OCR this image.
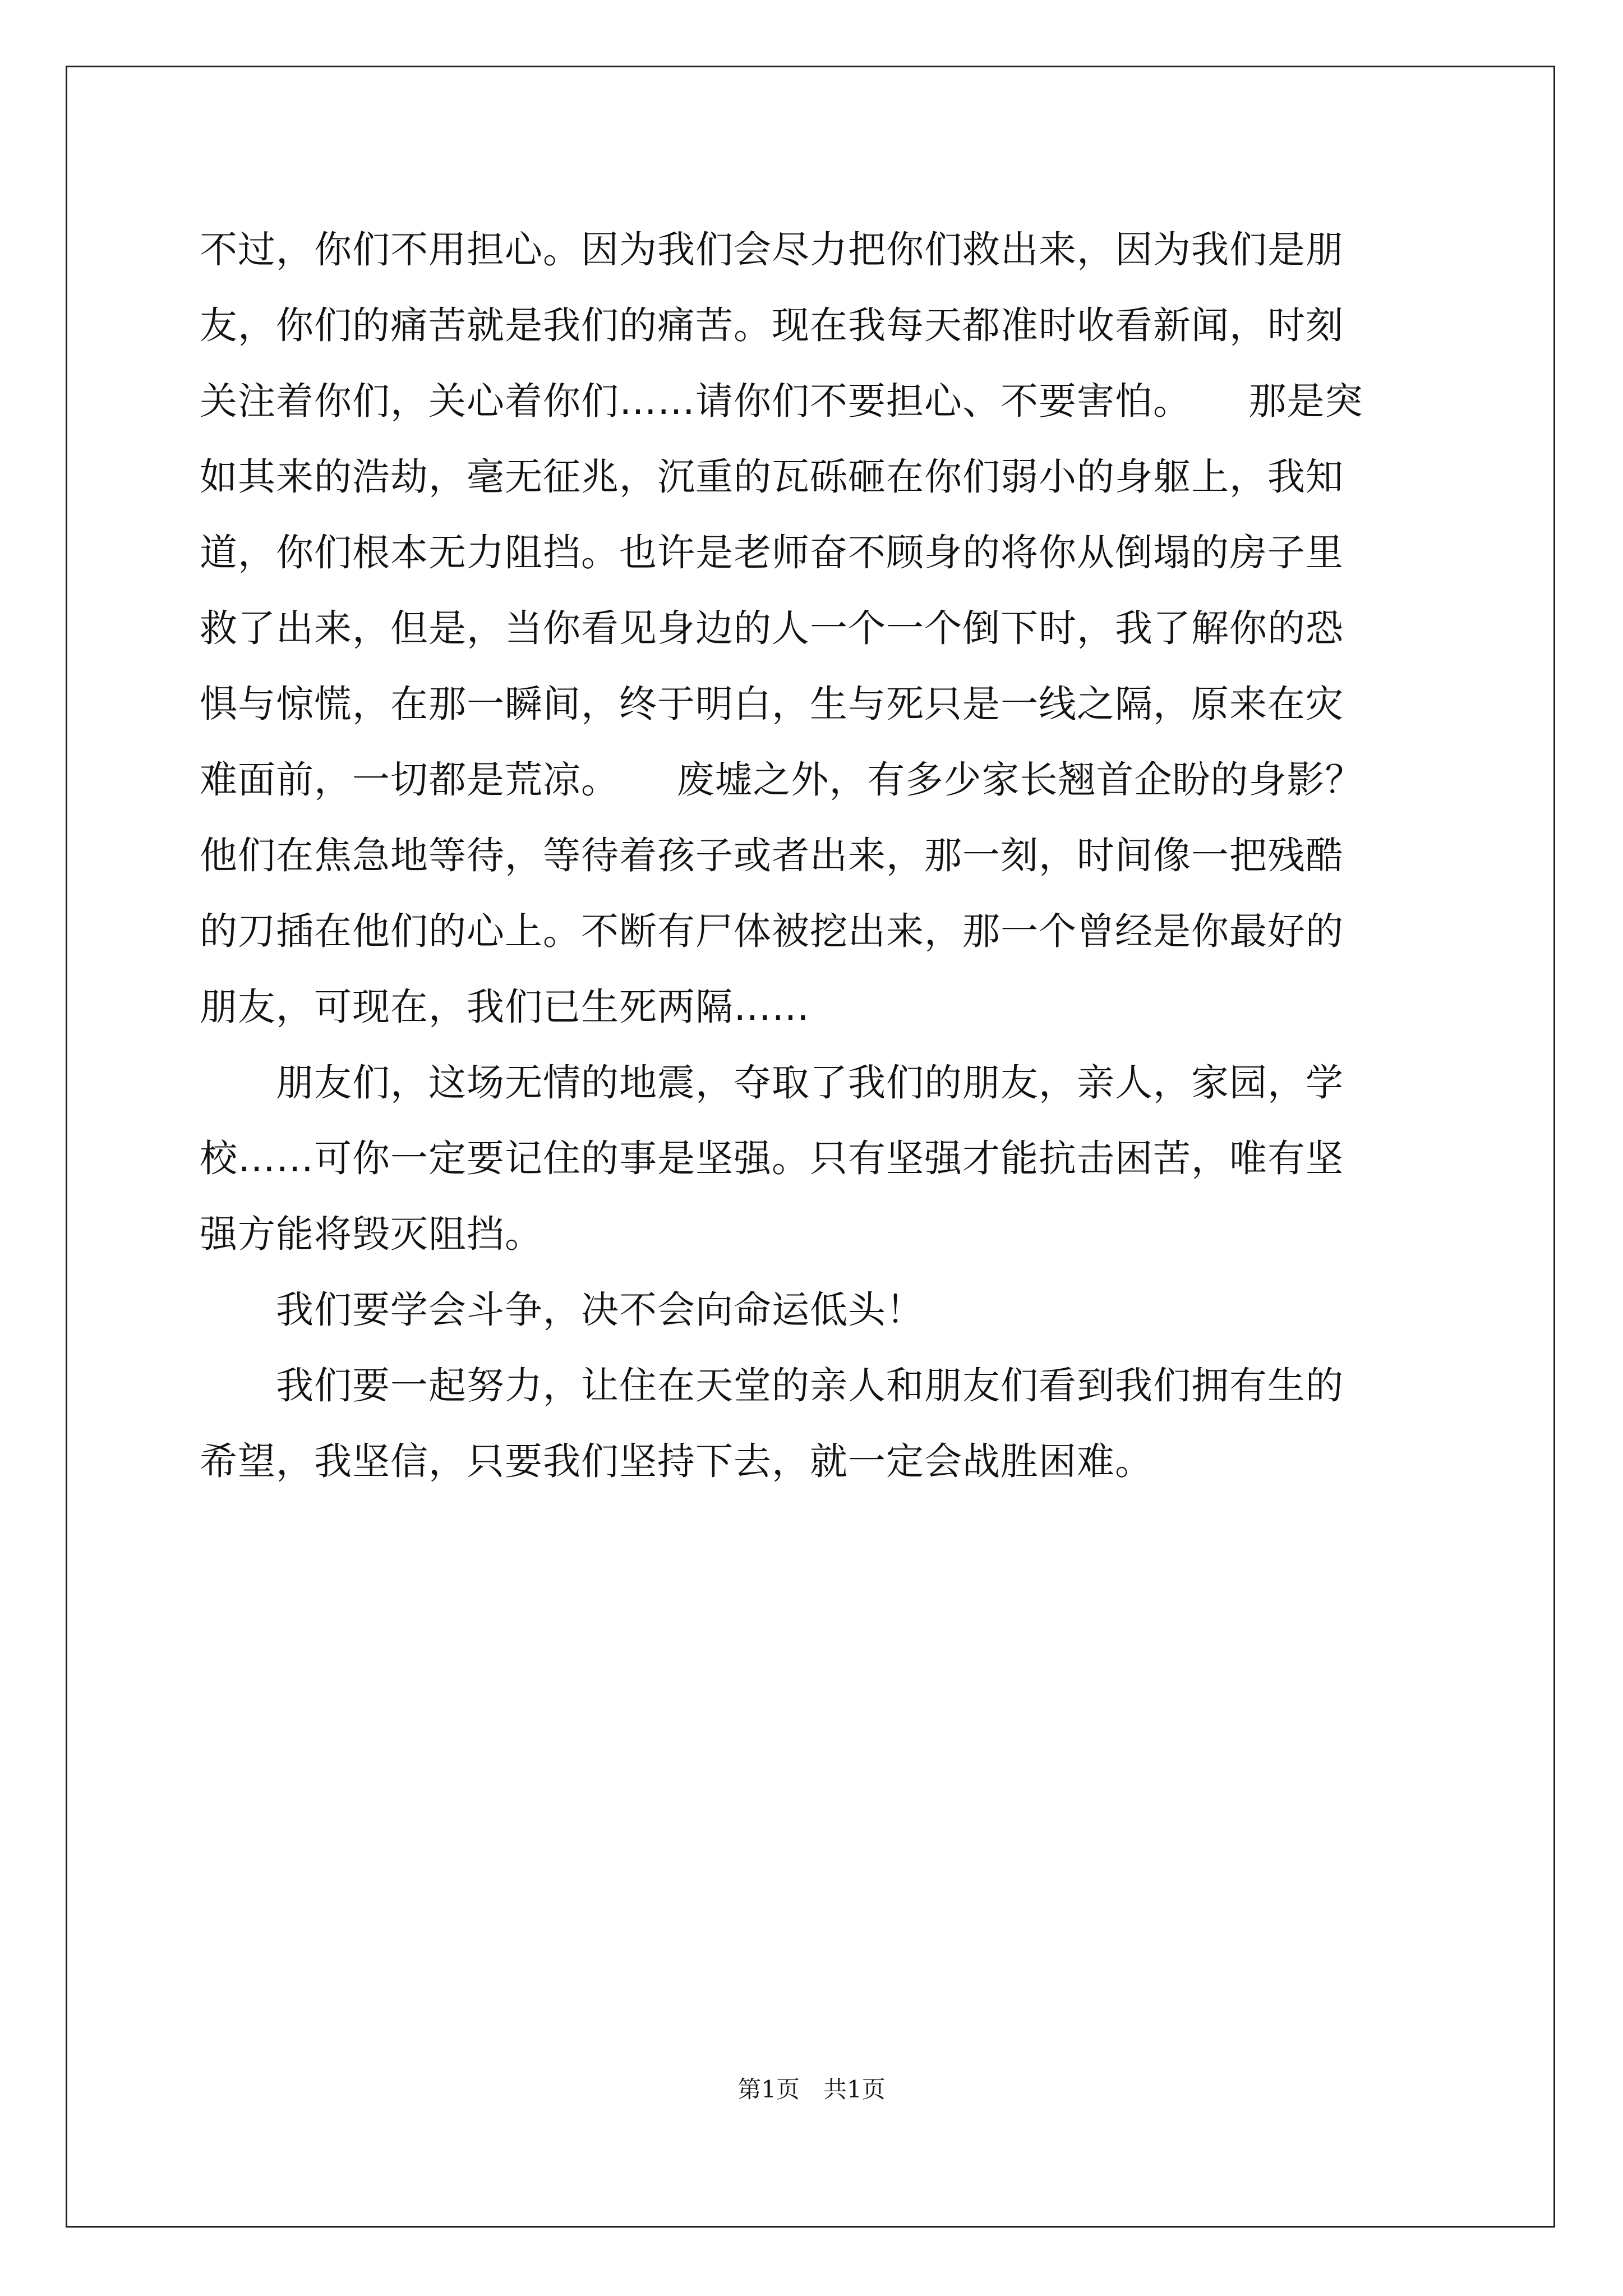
不过，你们不用担心。因为我们会尽力把你们救出来，因为我们是朋
友，你们的痛苦就是我们的痛苦。现在我每天都准时收看新闻，时刻
关注着你们，关心着你们……请你们不要担心、不要害怕。　　那是突
如其来的浩劫，毫无征兆，沉重的瓦砾砸在你们弱小的身躯上，我知
道，你们根本无力阻挡。也许是老师奋不顾身的将你从倒塌的房子里
救了出来，但是，当你看见身边的人一个一个倒下时，我了解你的恐
惧与惊慌，在那一瞬间，终于明白，生与死只是一线之隔，原来在灾
难面前，一切都是荒凉。　　废墟之外，有多少家长翘首企盼的身影？
他们在焦急地等待，等待着孩子或者出来，那一刻，时间像一把残酷
的刀插在他们的心上。不断有尸体被挖出来，那一个曾经是你最好的
朋友，可现在，我们已生死两隔……
　　朋友们，这场无情的地震，夺取了我们的朋友，亲人，家园，学
校……可你一定要记住的事是坚强。只有坚强才能抗击困苦，唯有坚
强方能将毁灭阻挡。
　　我们要学会斗争，决不会向命运低头！
　　我们要一起努力，让住在天堂的亲人和朋友们看到我们拥有生的
希望，我坚信，只要我们坚持下去，就一定会战胜困难。
第1页　共1页
